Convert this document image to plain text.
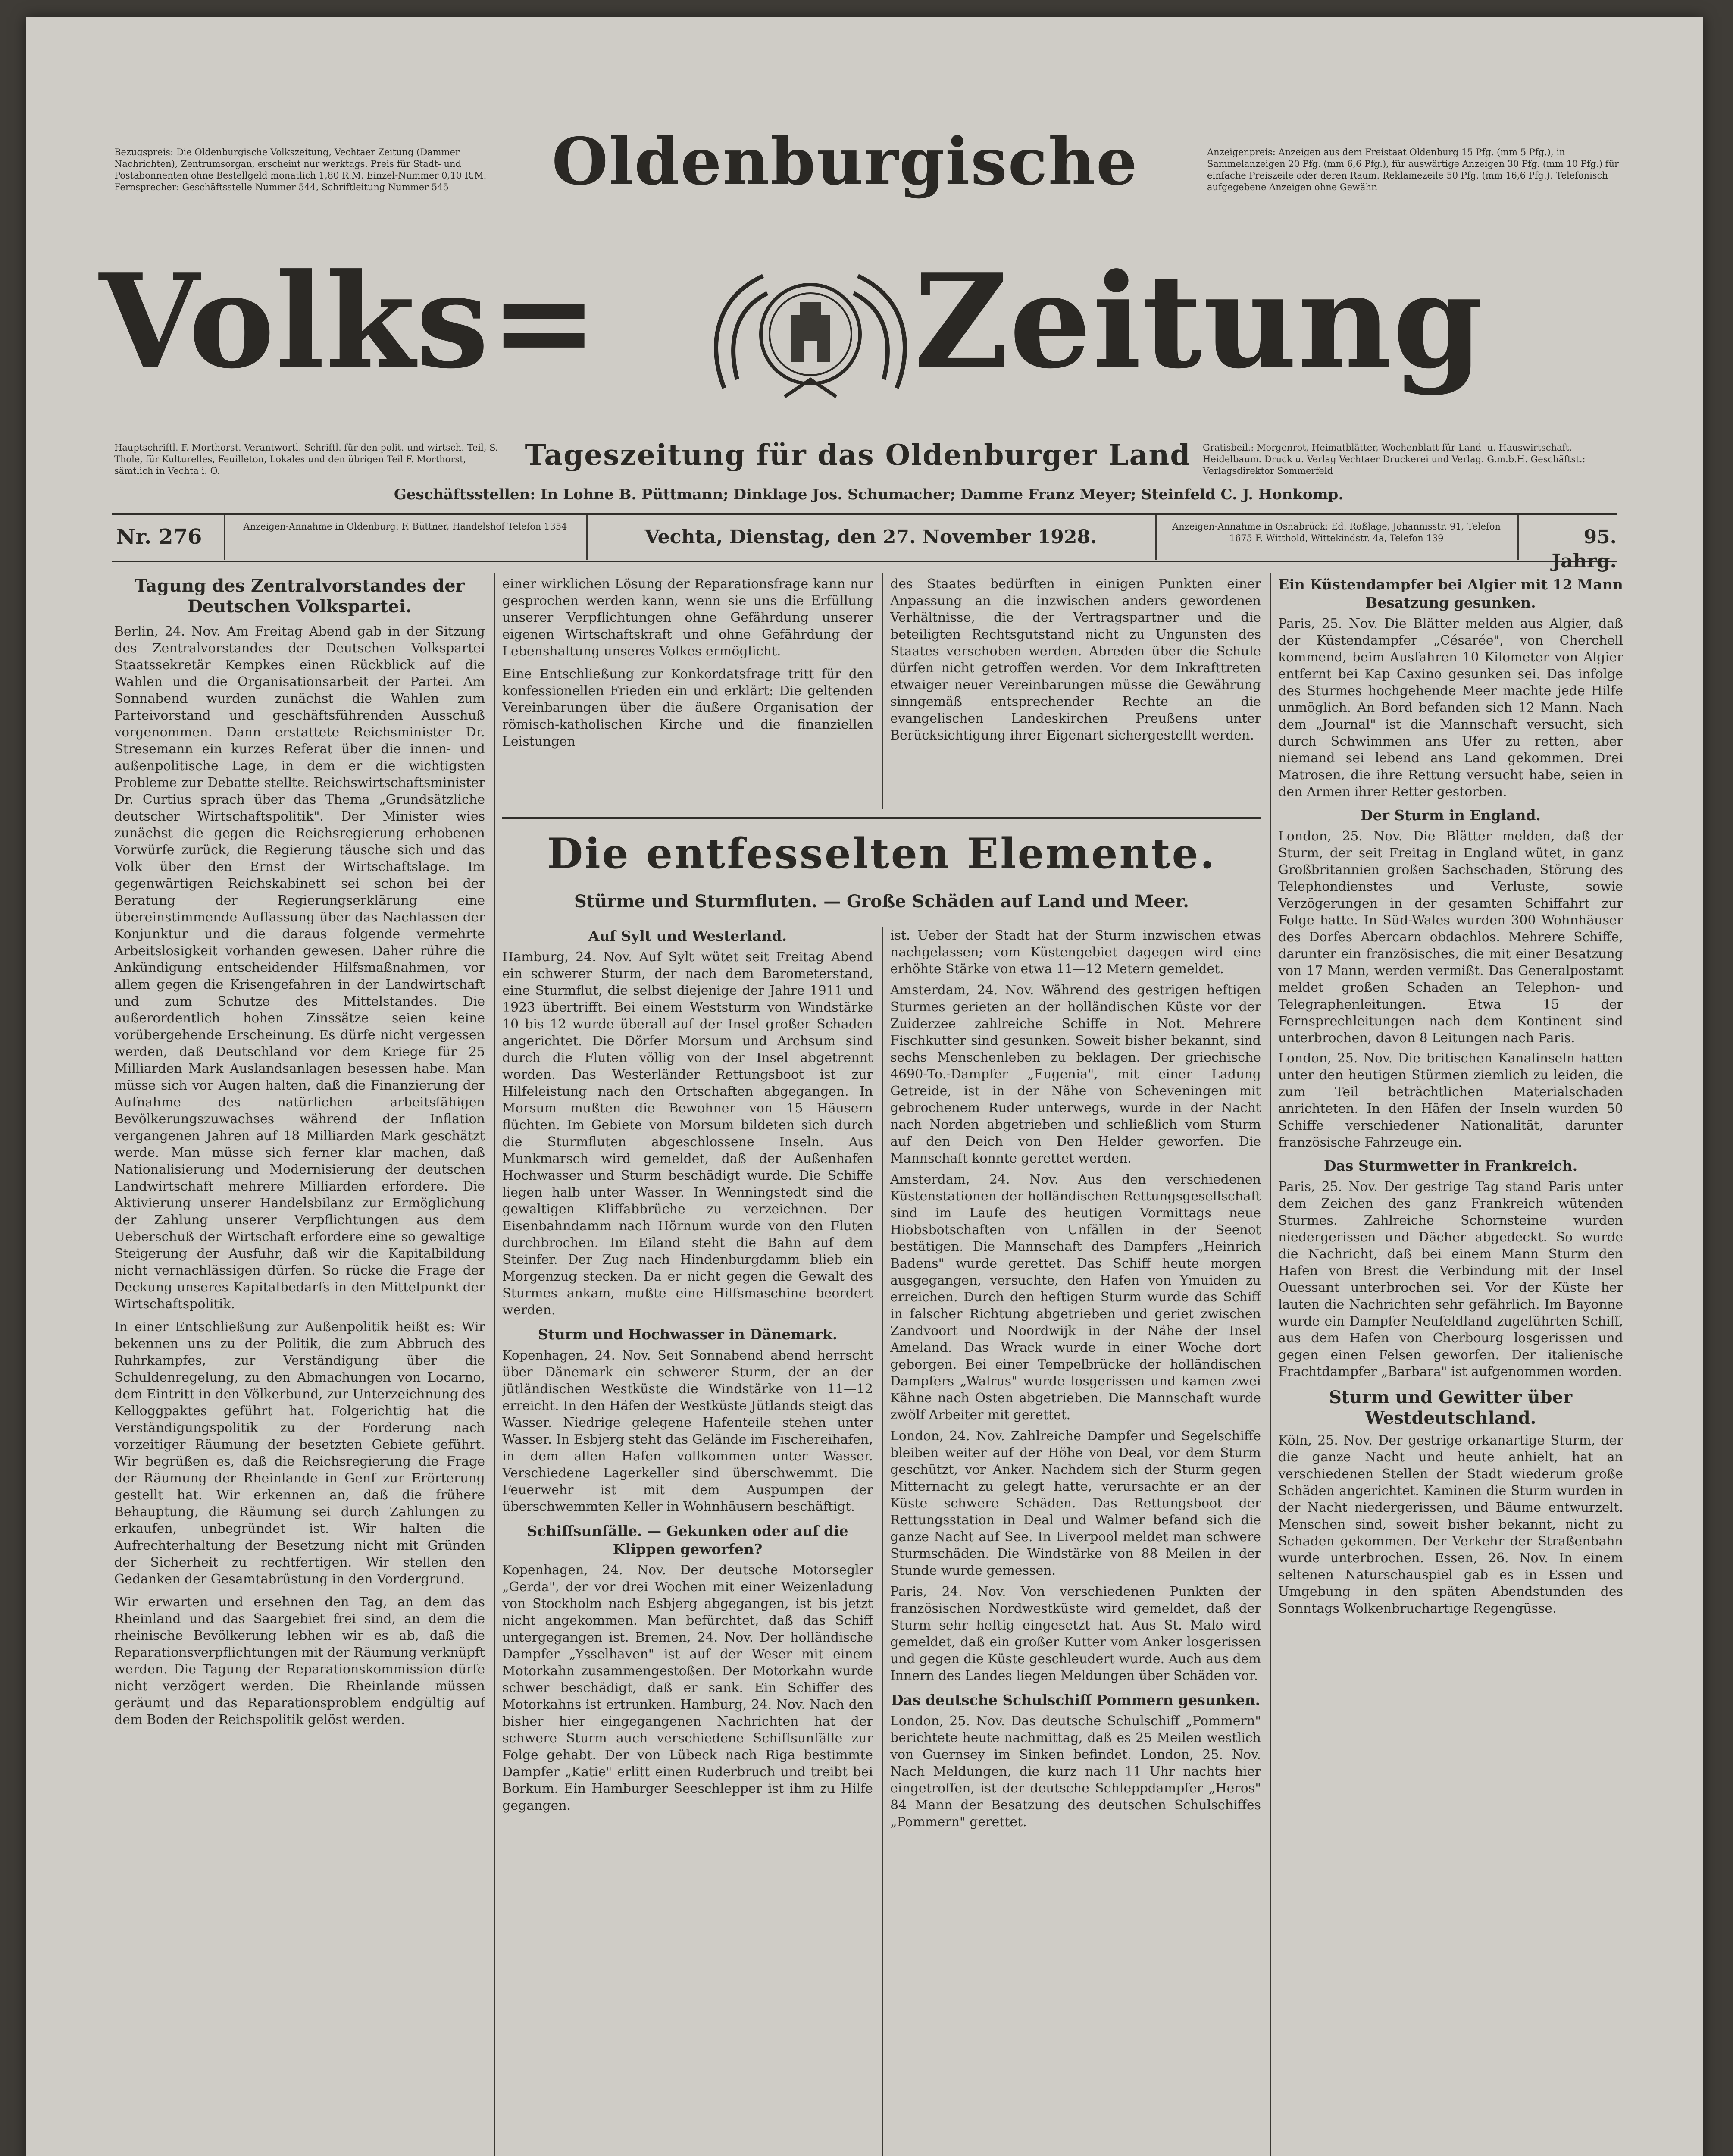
Bezugspreis: Die Oldenburgische Volkszeitung, Vechtaer Zeitung (Dammer Nachrichten), Zentrumsorgan, erscheint nur werktags. Preis für Stadt- und Postabonnenten ohne Bestellgeld monatlich 1,80 R.M. Einzel-Nummer 0,10 R.M. Fernsprecher: Geschäftsstelle Nummer 544, Schriftleitung Nummer 545
Anzeigenpreis: Anzeigen aus dem Freistaat Oldenburg 15 Pfg. (mm 5 Pfg.), in Sammelanzeigen 20 Pfg. (mm 6,6 Pfg.), für auswärtige Anzeigen 30 Pfg. (mm 10 Pfg.) für einfache Preiszeile oder deren Raum. Reklamezeile 50 Pfg. (mm 16,6 Pfg.). Telefonisch aufgegebene Anzeigen ohne Gewähr.
Oldenburgische
Volks=	Zeitung
Hauptschriftl. F. Morthorst. Verantwortl. Schriftl. für den polit. und wirtsch. Teil, S. Thole, für Kulturelles, Feuilleton, Lokales und den übrigen Teil F. Morthorst, sämtlich in Vechta i. O.	Tageszeitung für das Oldenburger Land	Gratisbeil.: Morgenrot, Heimatblätter, Wochenblatt für Land- u. Hauswirtschaft, Heidelbaum. Druck u. Verlag Vechtaer Druckerei und Verlag. G.m.b.H. Geschäftst.: Verlagsdirektor Sommerfeld
Geschäftsstellen: In Lohne B. Püttmann; Dinklage Jos. Schumacher; Damme Franz Meyer; Steinfeld C. J. Honkomp.
Nr. 276	Anzeigen-Annahme in Oldenburg: F. Büttner, Handelshof Telefon 1354	Vechta, Dienstag, den 27. November 1928.	Anzeigen-Annahme in Osnabrück: Ed. Roßlage, Johannisstr. 91, Telefon 1675 F. Witthold, Wittekindstr. 4a, Telefon 139	95. Jahrg.

Tagung des Zentralvorstandes der Deutschen Volkspartei.

Berlin, 24. Nov. Am Freitag Abend gab in der Sitzung des Zentralvorstandes der Deutschen Volkspartei Staatssekretär Kempkes einen Rückblick auf die Wahlen und die Organisationsarbeit der Partei. Am Sonnabend wurden zunächst die Wahlen zum Parteivorstand und geschäftsführenden Ausschuß vorgenommen. Dann erstattete Reichsminister Dr. Stresemann ein kurzes Referat über die innen- und außenpolitische Lage, in dem er die wichtigsten Probleme zur Debatte stellte. Reichswirtschaftsminister Dr. Curtius sprach über das Thema „Grundsätzliche deutscher Wirtschaftspolitik". Der Minister wies zunächst die gegen die Reichsregierung erhobenen Vorwürfe zurück, die Regierung täusche sich und das Volk über den Ernst der Wirtschaftslage. Im gegenwärtigen Reichskabinett sei schon bei der Beratung der Regierungserklärung eine übereinstimmende Auffassung über das Nachlassen der Konjunktur und die daraus folgende vermehrte Arbeitslosigkeit vorhanden gewesen. Daher rühre die Ankündigung entscheidender Hilfsmaßnahmen, vor allem gegen die Krisengefahren in der Landwirtschaft und zum Schutze des Mittelstandes. Die außerordentlich hohen Zinssätze seien keine vorübergehende Erscheinung. Es dürfe nicht vergessen werden, daß Deutschland vor dem Kriege für 25 Milliarden Mark Auslandsanlagen besessen habe. Man müsse sich vor Augen halten, daß die Finanzierung der Aufnahme des natürlichen arbeitsfähigen Bevölkerungszuwachses während der Inflation vergangenen Jahren auf 18 Milliarden Mark geschätzt werde. Man müsse sich ferner klar machen, daß Nationalisierung und Modernisierung der deutschen Landwirtschaft mehrere Milliarden erfordere. Die Aktivierung unserer Handelsbilanz zur Ermöglichung der Zahlung unserer Verpflichtungen aus dem Ueberschuß der Wirtschaft erfordere eine so gewaltige Steigerung der Ausfuhr, daß wir die Kapitalbildung nicht vernachlässigen dürfen. So rücke die Frage der Deckung unseres Kapitalbedarfs in den Mittelpunkt der Wirtschaftspolitik.

In einer Entschließung zur Außenpolitik heißt es: Wir bekennen uns zu der Politik, die zum Abbruch des Ruhrkampfes, zur Verständigung über die Schuldenregelung, zu den Abmachungen von Locarno, dem Eintritt in den Völkerbund, zur Unterzeichnung des Kelloggpaktes geführt hat. Folgerichtig hat die Verständigungspolitik zu der Forderung nach vorzeitiger Räumung der besetzten Gebiete geführt. Wir begrüßen es, daß die Reichsregierung die Frage der Räumung der Rheinlande in Genf zur Erörterung gestellt hat. Wir erkennen an, daß die frühere Behauptung, die Räumung sei durch Zahlungen zu erkaufen, unbegründet ist. Wir halten die Aufrechterhaltung der Besetzung nicht mit Gründen der Sicherheit zu rechtfertigen. Wir stellen den Gedanken der Gesamtabrüstung in den Vordergrund.

Wir erwarten und ersehnen den Tag, an dem das Rheinland und das Saargebiet frei sind, an dem die rheinische Bevölkerung lebhen wir es ab, daß die Reparationsverpflichtungen mit der Räumung verknüpft werden. Die Tagung der Reparationskommission dürfe nicht verzögert werden. Die Rheinlande müssen geräumt und das Reparationsproblem endgültig auf dem Boden der Reichspolitik gelöst werden.

einer wirklichen Lösung der Reparationsfrage kann nur gesprochen werden kann, wenn sie uns die Erfüllung unserer Verpflichtungen ohne Gefährdung unserer eigenen Wirtschaftskraft und ohne Gefährdung der Lebenshaltung unseres Volkes ermöglicht.

Eine Entschließung zur Konkordatsfrage tritt für den konfessionellen Frieden ein und erklärt: Die geltenden Vereinbarungen über die äußere Organisation der römisch-katholischen Kirche und die finanziellen Leistungen

des Staates bedürften in einigen Punkten einer Anpassung an die inzwischen anders gewordenen Verhältnisse, die der Vertragspartner und die beteiligten Rechtsgutstand nicht zu Ungunsten des Staates verschoben werden. Abreden über die Schule dürfen nicht getroffen werden. Vor dem Inkrafttreten etwaiger neuer Vereinbarungen müsse die Gewährung sinngemäß entsprechender Rechte an die evangelischen Landeskirchen Preußens unter Berücksichtigung ihrer Eigenart sichergestellt werden.

Die entfesselten Elemente.
Stürme und Sturmfluten. — Große Schäden auf Land und Meer.

Auf Sylt und Westerland.

Hamburg, 24. Nov. Auf Sylt wütet seit Freitag Abend ein schwerer Sturm, der nach dem Barometerstand, eine Sturmflut, die selbst diejenige der Jahre 1911 und 1923 übertrifft. Bei einem Weststurm von Windstärke 10 bis 12 wurde überall auf der Insel großer Schaden angerichtet. Die Dörfer Morsum und Archsum sind durch die Fluten völlig von der Insel abgetrennt worden. Das Westerländer Rettungsboot ist zur Hilfeleistung nach den Ortschaften abgegangen. In Morsum mußten die Bewohner von 15 Häusern flüchten. Im Gebiete von Morsum bildeten sich durch die Sturmfluten abgeschlossene Inseln. Aus Munkmarsch wird gemeldet, daß der Außenhafen Hochwasser und Sturm beschädigt wurde. Die Schiffe liegen halb unter Wasser. In Wenningstedt sind die gewaltigen Kliffabbrüche zu verzeichnen. Der Eisenbahndamm nach Hörnum wurde von den Fluten durchbrochen. Im Eiland steht die Bahn auf dem Steinfer. Der Zug nach Hindenburgdamm blieb ein Morgenzug stecken. Da er nicht gegen die Gewalt des Sturmes ankam, mußte eine Hilfsmaschine beordert werden.

Sturm und Hochwasser in Dänemark.

Kopenhagen, 24. Nov. Seit Sonnabend abend herrscht über Dänemark ein schwerer Sturm, der an der jütländischen Westküste die Windstärke von 11—12 erreicht. In den Häfen der Westküste Jütlands steigt das Wasser. Niedrige gelegene Hafenteile stehen unter Wasser. In Esbjerg steht das Gelände im Fischereihafen, in dem allen Hafen vollkommen unter Wasser. Verschiedene Lagerkeller sind überschwemmt. Die Feuerwehr ist mit dem Auspumpen der überschwemmten Keller in Wohnhäusern beschäftigt.

Schiffsunfälle. — Gekunken oder auf die Klippen geworfen?

Kopenhagen, 24. Nov. Der deutsche Motorsegler „Gerda", der vor drei Wochen mit einer Weizenladung von Stockholm nach Esbjerg abgegangen, ist bis jetzt nicht angekommen. Man befürchtet, daß das Schiff untergegangen ist. Bremen, 24. Nov. Der holländische Dampfer „Ysselhaven" ist auf der Weser mit einem Motorkahn zusammengestoßen. Der Motorkahn wurde schwer beschädigt, daß er sank. Ein Schiffer des Motorkahns ist ertrunken. Hamburg, 24. Nov. Nach den bisher hier eingegangenen Nachrichten hat der schwere Sturm auch verschiedene Schiffsunfälle zur Folge gehabt. Der von Lübeck nach Riga bestimmte Dampfer „Katie" erlitt einen Ruderbruch und treibt bei Borkum. Ein Hamburger Seeschlepper ist ihm zu Hilfe gegangen.

ist. Ueber der Stadt hat der Sturm inzwischen etwas nachgelassen; vom Küstengebiet dagegen wird eine erhöhte Stärke von etwa 11—12 Metern gemeldet.

Amsterdam, 24. Nov. Während des gestrigen heftigen Sturmes gerieten an der holländischen Küste vor der Zuiderzee zahlreiche Schiffe in Not. Mehrere Fischkutter sind gesunken. Soweit bisher bekannt, sind sechs Menschenleben zu beklagen. Der griechische 4690-To.-Dampfer „Eugenia", mit einer Ladung Getreide, ist in der Nähe von Scheveningen mit gebrochenem Ruder unterwegs, wurde in der Nacht nach Norden abgetrieben und schließlich vom Sturm auf den Deich von Den Helder geworfen. Die Mannschaft konnte gerettet werden.

Amsterdam, 24. Nov. Aus den verschiedenen Küstenstationen der holländischen Rettungsgesellschaft sind im Laufe des heutigen Vormittags neue Hiobsbotschaften von Unfällen in der Seenot bestätigen. Die Mannschaft des Dampfers „Heinrich Badens" wurde gerettet. Das Schiff heute morgen ausgegangen, versuchte, den Hafen von Ymuiden zu erreichen. Durch den heftigen Sturm wurde das Schiff in falscher Richtung abgetrieben und geriet zwischen Zandvoort und Noordwijk in der Nähe der Insel Ameland. Das Wrack wurde in einer Woche dort geborgen. Bei einer Tempelbrücke der holländischen Dampfers „Walrus" wurde losgerissen und kamen zwei Kähne nach Osten abgetrieben. Die Mannschaft wurde zwölf Arbeiter mit gerettet.

London, 24. Nov. Zahlreiche Dampfer und Segelschiffe bleiben weiter auf der Höhe von Deal, vor dem Sturm geschützt, vor Anker. Nachdem sich der Sturm gegen Mitternacht zu gelegt hatte, verursachte er an der Küste schwere Schäden. Das Rettungsboot der Rettungsstation in Deal und Walmer befand sich die ganze Nacht auf See. In Liverpool meldet man schwere Sturmschäden. Die Windstärke von 88 Meilen in der Stunde wurde gemessen.

Paris, 24. Nov. Von verschiedenen Punkten der französischen Nordwestküste wird gemeldet, daß der Sturm sehr heftig eingesetzt hat. Aus St. Malo wird gemeldet, daß ein großer Kutter vom Anker losgerissen und gegen die Küste geschleudert wurde. Auch aus dem Innern des Landes liegen Meldungen über Schäden vor.

Das deutsche Schulschiff Pommern gesunken.

London, 25. Nov. Das deutsche Schulschiff „Pommern" berichtete heute nachmittag, daß es 25 Meilen westlich von Guernsey im Sinken befindet. London, 25. Nov. Nach Meldungen, die kurz nach 11 Uhr nachts hier eingetroffen, ist der deutsche Schleppdampfer „Heros" 84 Mann der Besatzung des deutschen Schulschiffes „Pommern" gerettet.

Ein Küstendampfer bei Algier mit 12 Mann Besatzung gesunken.

Paris, 25. Nov. Die Blätter melden aus Algier, daß der Küstendampfer „Césarée", von Cherchell kommend, beim Ausfahren 10 Kilometer von Algier entfernt bei Kap Caxino gesunken sei. Das infolge des Sturmes hochgehende Meer machte jede Hilfe unmöglich. An Bord befanden sich 12 Mann. Nach dem „Journal" ist die Mannschaft versucht, sich durch Schwimmen ans Ufer zu retten, aber niemand sei lebend ans Land gekommen. Drei Matrosen, die ihre Rettung versucht habe, seien in den Armen ihrer Retter gestorben.

Der Sturm in England.

London, 25. Nov. Die Blätter melden, daß der Sturm, der seit Freitag in England wütet, in ganz Großbritannien großen Sachschaden, Störung des Telephondienstes und Verluste, sowie Verzögerungen in der gesamten Schiffahrt zur Folge hatte. In Süd-Wales wurden 300 Wohnhäuser des Dorfes Abercarn obdachlos. Mehrere Schiffe, darunter ein französisches, die mit einer Besatzung von 17 Mann, werden vermißt. Das Generalpostamt meldet großen Schaden an Telephon- und Telegraphenleitungen. Etwa 15 der Fernsprechleitungen nach dem Kontinent sind unterbrochen, davon 8 Leitungen nach Paris.

London, 25. Nov. Die britischen Kanalinseln hatten unter den heutigen Stürmen ziemlich zu leiden, die zum Teil beträchtlichen Materialschaden anrichteten. In den Häfen der Inseln wurden 50 Schiffe verschiedener Nationalität, darunter französische Fahrzeuge ein.

Das Sturmwetter in Frankreich.

Paris, 25. Nov. Der gestrige Tag stand Paris unter dem Zeichen des ganz Frankreich wütenden Sturmes. Zahlreiche Schornsteine wurden niedergerissen und Dächer abgedeckt. So wurde die Nachricht, daß bei einem Mann Sturm den Hafen von Brest die Verbindung mit der Insel Ouessant unterbrochen sei. Vor der Küste her lauten die Nachrichten sehr gefährlich. Im Bayonne wurde ein Dampfer Neufeldland zugeführten Schiff, aus dem Hafen von Cherbourg losgerissen und gegen einen Felsen geworfen. Der italienische Frachtdampfer „Barbara" ist aufgenommen worden.

Sturm und Gewitter über Westdeutschland.

Köln, 25. Nov. Der gestrige orkanartige Sturm, der die ganze Nacht und heute anhielt, hat an verschiedenen Stellen der Stadt wiederum große Schäden angerichtet. Kaminen die Sturm wurden in der Nacht niedergerissen, und Bäume entwurzelt. Menschen sind, soweit bisher bekannt, nicht zu Schaden gekommen. Der Verkehr der Straßenbahn wurde unterbrochen. Essen, 26. Nov. In einem seltenen Naturschauspiel gab es in Essen und Umgebung in den späten Abendstunden des Sonntags Wolkenbruchartige Regengüsse.
